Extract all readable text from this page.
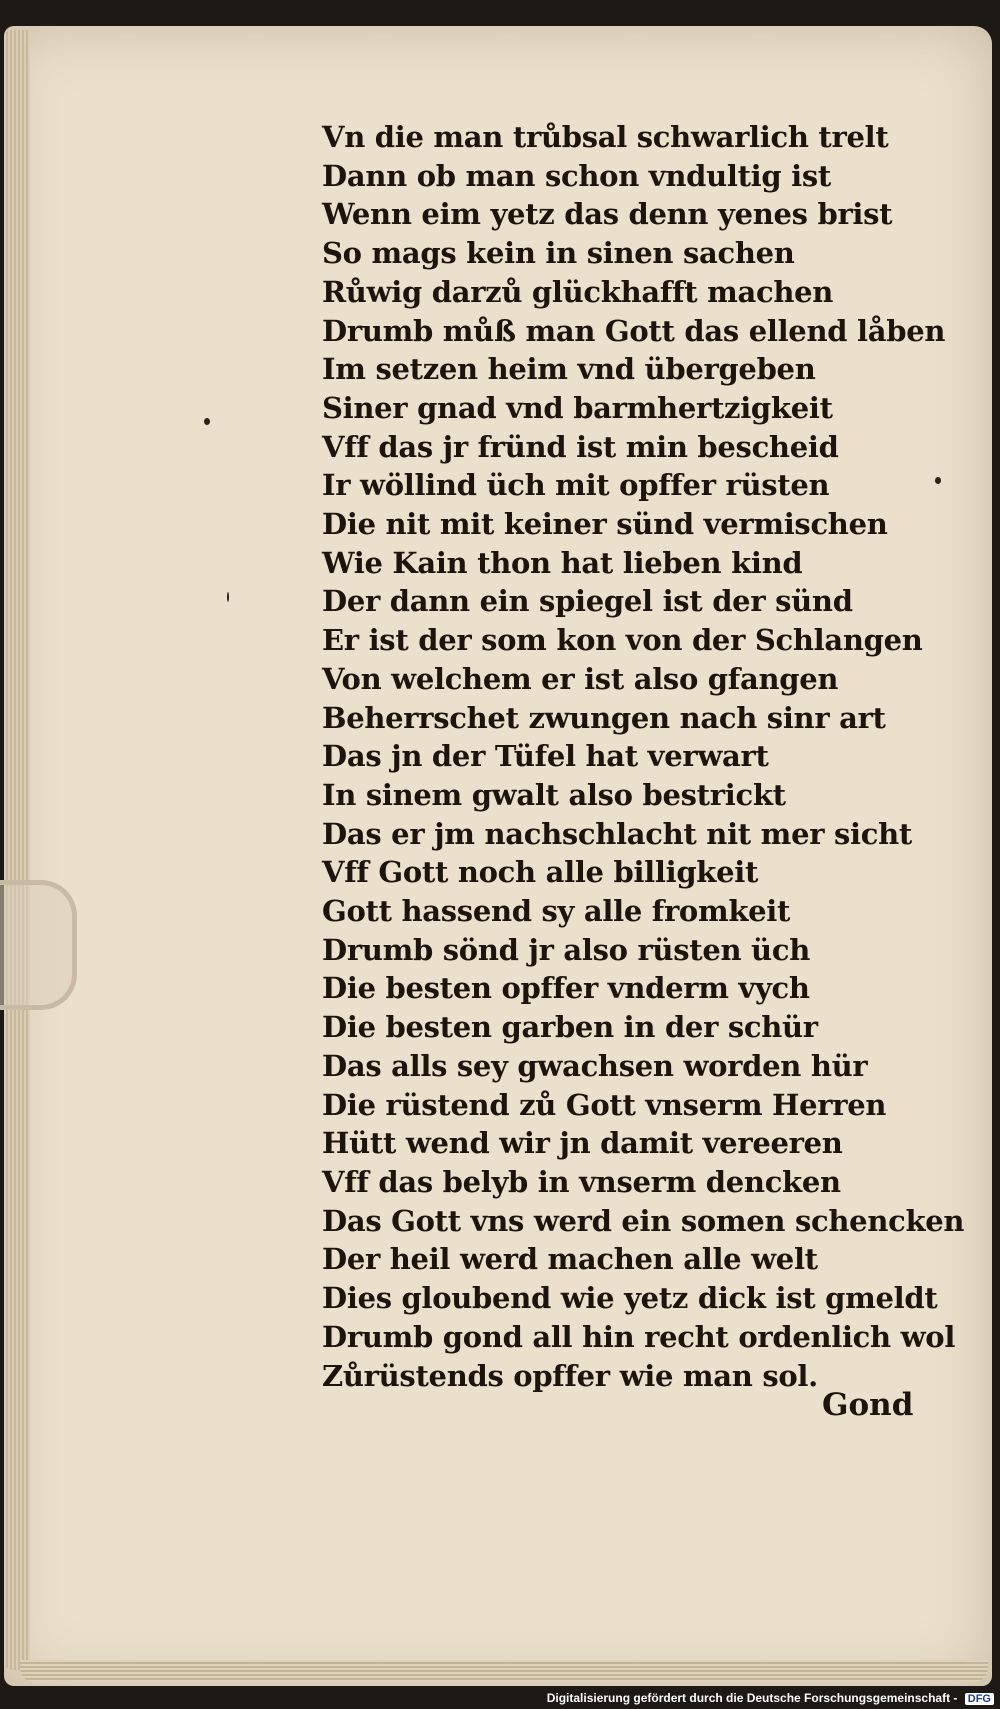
Vn die man trůbsal schwarlich trelt
Dann ob man schon vndultig ist
Wenn eim yetz das denn yenes brist
So mags kein in sinen sachen
Růwig darzů glückhafft machen
Drumb můß man Gott das ellend låben
Im setzen heim vnd übergeben
Siner gnad vnd barmhertzigkeit
Vff das jr fründ ist min bescheid
Ir wöllind üch mit opffer rüsten
Die nit mit keiner sünd vermischen
Wie Kain thon hat lieben kind
Der dann ein spiegel ist der sünd
Er ist der som kon von der Schlangen
Von welchem er ist also gfangen
Beherrschet zwungen nach sinr art
Das jn der Tüfel hat verwart
In sinem gwalt also bestrickt
Das er jm nachschlacht nit mer sicht
Vff Gott noch alle billigkeit
Gott hassend sy alle fromkeit
Drumb sönd jr also rüsten üch
Die besten opffer vnderm vych
Die besten garben in der schür
Das alls sey gwachsen worden hür
Die rüstend zů Gott vnserm Herren
Hütt wend wir jn damit vereeren
Vff das belyb in vnserm dencken
Das Gott vns werd ein somen schencken
Der heil werd machen alle welt
Dies gloubend wie yetz dick ist gmeldt
Drumb gond all hin recht ordenlich wol
Zůrüstends opffer wie man sol.
Gond
Digitalisierung gefördert durch die Deutsche Forschungsgemeinschaft - DFG
